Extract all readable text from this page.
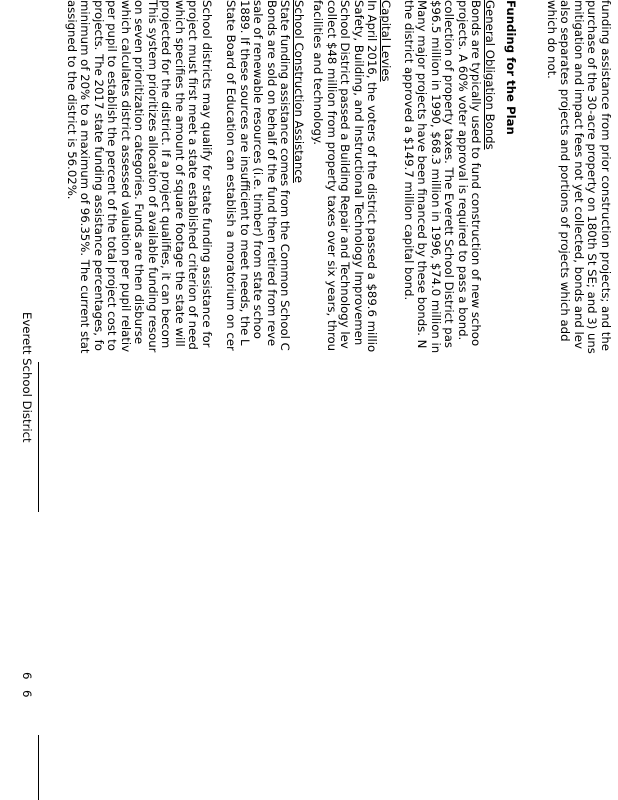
funding assistance from prior construction projects; and the
purchase of the 30-acre property on 180th St SE; and 3) uns
mitigation and impact fees not yet collected, bonds and lev
also separates projects and portions of projects which add
which do not.
Funding for the Plan
General Obligation Bonds
Bonds are typically used to fund construction of new schoo
projects. A 60% voter approval is required to pass a bond.
collection of property taxes. The Everett School District pas
$96.5 million in 1990, $68.3 million in 1996, $74.0 million in
Many major projects have been financed by these bonds. N
the district approved a $149.7 million capital bond.
Capital Levies
In April 2016, the voters of the district passed a $89.6 millio
Safety, Building, and Instructional Technology Improvemen
School District passed a Building Repair and Technology lev
collect $48 million from property taxes over six years, throu
facilities and technology.
School Construction Assistance
State funding assistance comes from the Common School C
Bonds are sold on behalf of the fund then retired from reve
sale of renewable resources (i.e. timber) from state schoo
1889. If these sources are insufficient to meet needs, the L
State Board of Education can establish a moratorium on cer
School districts may qualify for state funding assistance for
project must first meet a state established criterion of need
which specifies the amount of square footage the state will
projected for the district. If a project qualifies, it can becom
This system prioritizes allocation of available funding resour
on seven prioritization categories. Funds are then disburse
which calculates district assessed valuation per pupil relativ
per pupil to establish the percent of the total project cost to
projects. The 2017 state funding assistance percentages, fo
minimum of 20% to a maximum of 96.35%. The current stat
assigned to the district is 56.02%.
Everett School District
6
6
